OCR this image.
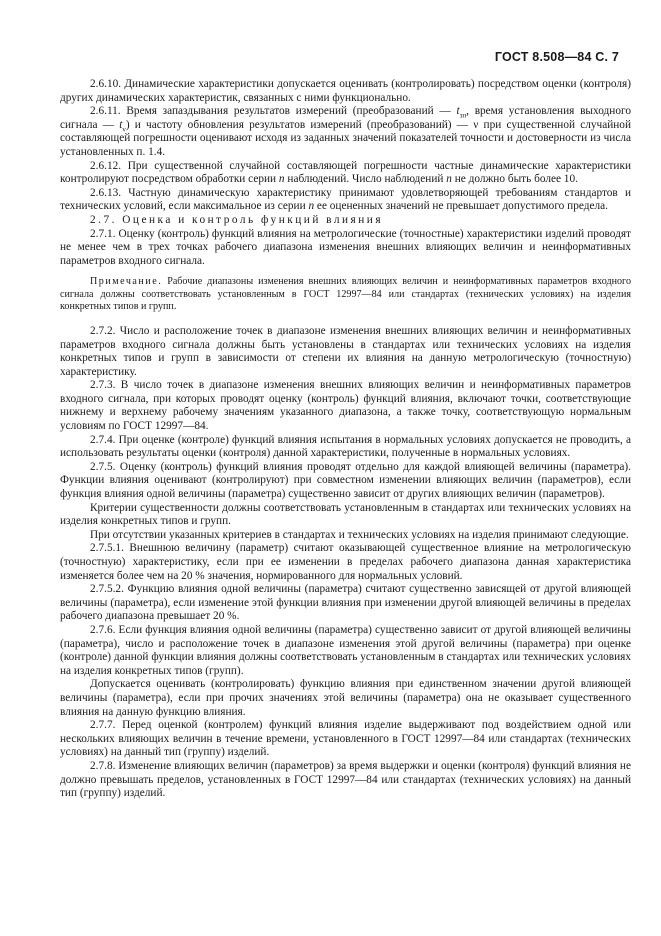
ГОСТ 8.508—84 С. 7

2.6.10. Динамические характеристики допускается оценивать (контролировать) посредством оценки (контроля) других динамических характеристик, связанных с ними функционально.

2.6.11. Время запаздывания результатов измерений (преобразований — $t_{зп}$, время установления выходного сигнала — $t_v$) и частоту обновления результатов измерений (преобразований) — ν при существенной случайной составляющей погрешности оценивают исходя из заданных значений показателей точности и достоверности из числа установленных п. 1.4.

2.6.12. При существенной случайной составляющей погрешности частные динамические характеристики контролируют посредством обработки серии n наблюдений. Число наблюдений n не должно быть более 10.

2.6.13. Частную динамическую характеристику принимают удовлетворяющей требованиям стандартов и технических условий, если максимальное из серии n ее оцененных значений не превышает допустимого предела.

2.7. Оценка и контроль функций влияния

2.7.1. Оценку (контроль) функций влияния на метрологические (точностные) характеристики изделий проводят не менее чем в трех точках рабочего диапазона изменения внешних влияющих величин и неинформативных параметров входного сигнала.

Примечание. Рабочие диапазоны изменения внешних влияющих величин и неинформативных параметров входного сигнала должны соответствовать установленным в ГОСТ 12997—84 или стандартах (технических условиях) на изделия конкретных типов и групп.

2.7.2. Число и расположение точек в диапазоне изменения внешних влияющих величин и неинформативных параметров входного сигнала должны быть установлены в стандартах или технических условиях на изделия конкретных типов и групп в зависимости от степени их влияния на данную метрологическую (точностную) характеристику.

2.7.3. В число точек в диапазоне изменения внешних влияющих величин и неинформативных параметров входного сигнала, при которых проводят оценку (контроль) функций влияния, включают точки, соответствующие нижнему и верхнему рабочему значениям указанного диапазона, а также точку, соответствующую нормальным условиям по ГОСТ 12997—84.

2.7.4. При оценке (контроле) функций влияния испытания в нормальных условиях допускается не проводить, а использовать результаты оценки (контроля) данной характеристики, полученные в нормальных условиях.

2.7.5. Оценку (контроль) функций влияния проводят отдельно для каждой влияющей величины (параметра). Функции влияния оценивают (контролируют) при совместном изменении влияющих величин (параметров), если функция влияния одной величины (параметра) существенно зависит от других влияющих величин (параметров).

Критерии существенности должны соответствовать установленным в стандартах или технических условиях на изделия конкретных типов и групп.

При отсутствии указанных критериев в стандартах и технических условиях на изделия принимают следующие.

2.7.5.1. Внешнюю величину (параметр) считают оказывающей существенное влияние на метрологическую (точностную) характеристику, если при ее изменении в пределах рабочего диапазона данная характеристика изменяется более чем на 20 % значения, нормированного для нормальных условий.

2.7.5.2. Функцию влияния одной величины (параметра) считают существенно зависящей от другой влияющей величины (параметра), если изменение этой функции влияния при изменении другой влияющей величины в пределах рабочего диапазона превышает 20 %.

2.7.6. Если функция влияния одной величины (параметра) существенно зависит от другой влияющей величины (параметра), число и расположение точек в диапазоне изменения этой другой величины (параметра) при оценке (контроле) данной функции влияния должны соответствовать установленным в стандартах или технических условиях на изделия конкретных типов (групп).

Допускается оценивать (контролировать) функцию влияния при единственном значении другой влияющей величины (параметра), если при прочих значениях этой величины (параметра) она не оказывает существенного влияния на данную функцию влияния.

2.7.7. Перед оценкой (контролем) функций влияния изделие выдерживают под воздействием одной или нескольких влияющих величин в течение времени, установленного в ГОСТ 12997—84 или стандартах (технических условиях) на данный тип (группу) изделий.

2.7.8. Изменение влияющих величин (параметров) за время выдержки и оценки (контроля) функций влияния не должно превышать пределов, установленных в ГОСТ 12997—84 или стандартах (технических условиях) на данный тип (группу) изделий.
